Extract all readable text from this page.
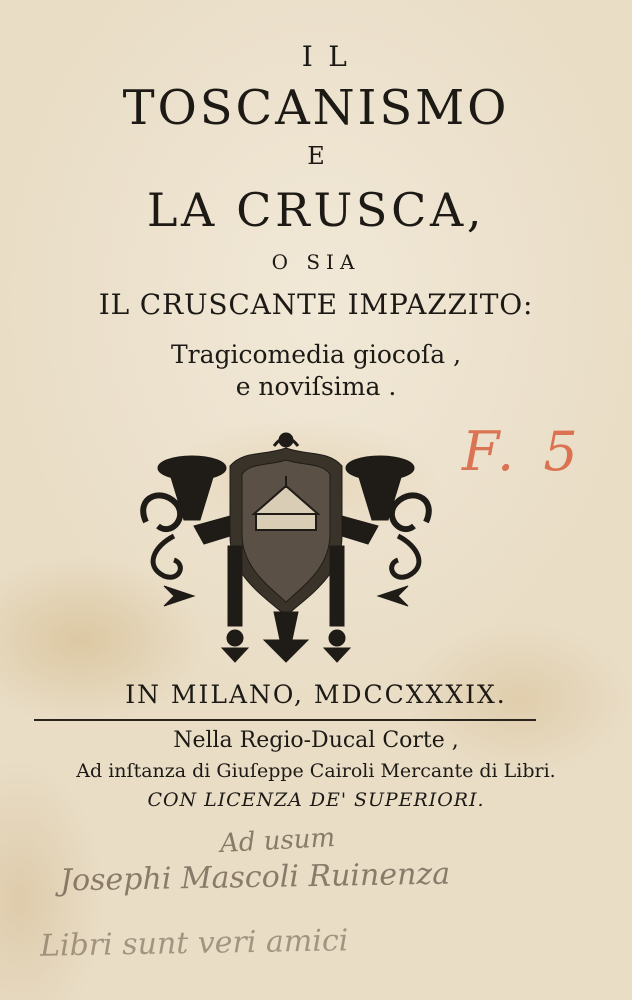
IL
TOSCANISMO
E
LA CRUSCA,
O SIA
IL CRUSCANTE IMPAZZITO:
Tragicomedia giocoſa ,
e noviſsima .
F. 5
IN MILANO, MDCCXXXIX.
Nella Regio-Ducal Corte ,
Ad inſtanza di Giuſeppe Cairoli Mercante di Libri.
CON LICENZA DE' SUPERIORI.
Ad usum
Josephi Mascoli Ruinenza
Libri sunt veri amici
